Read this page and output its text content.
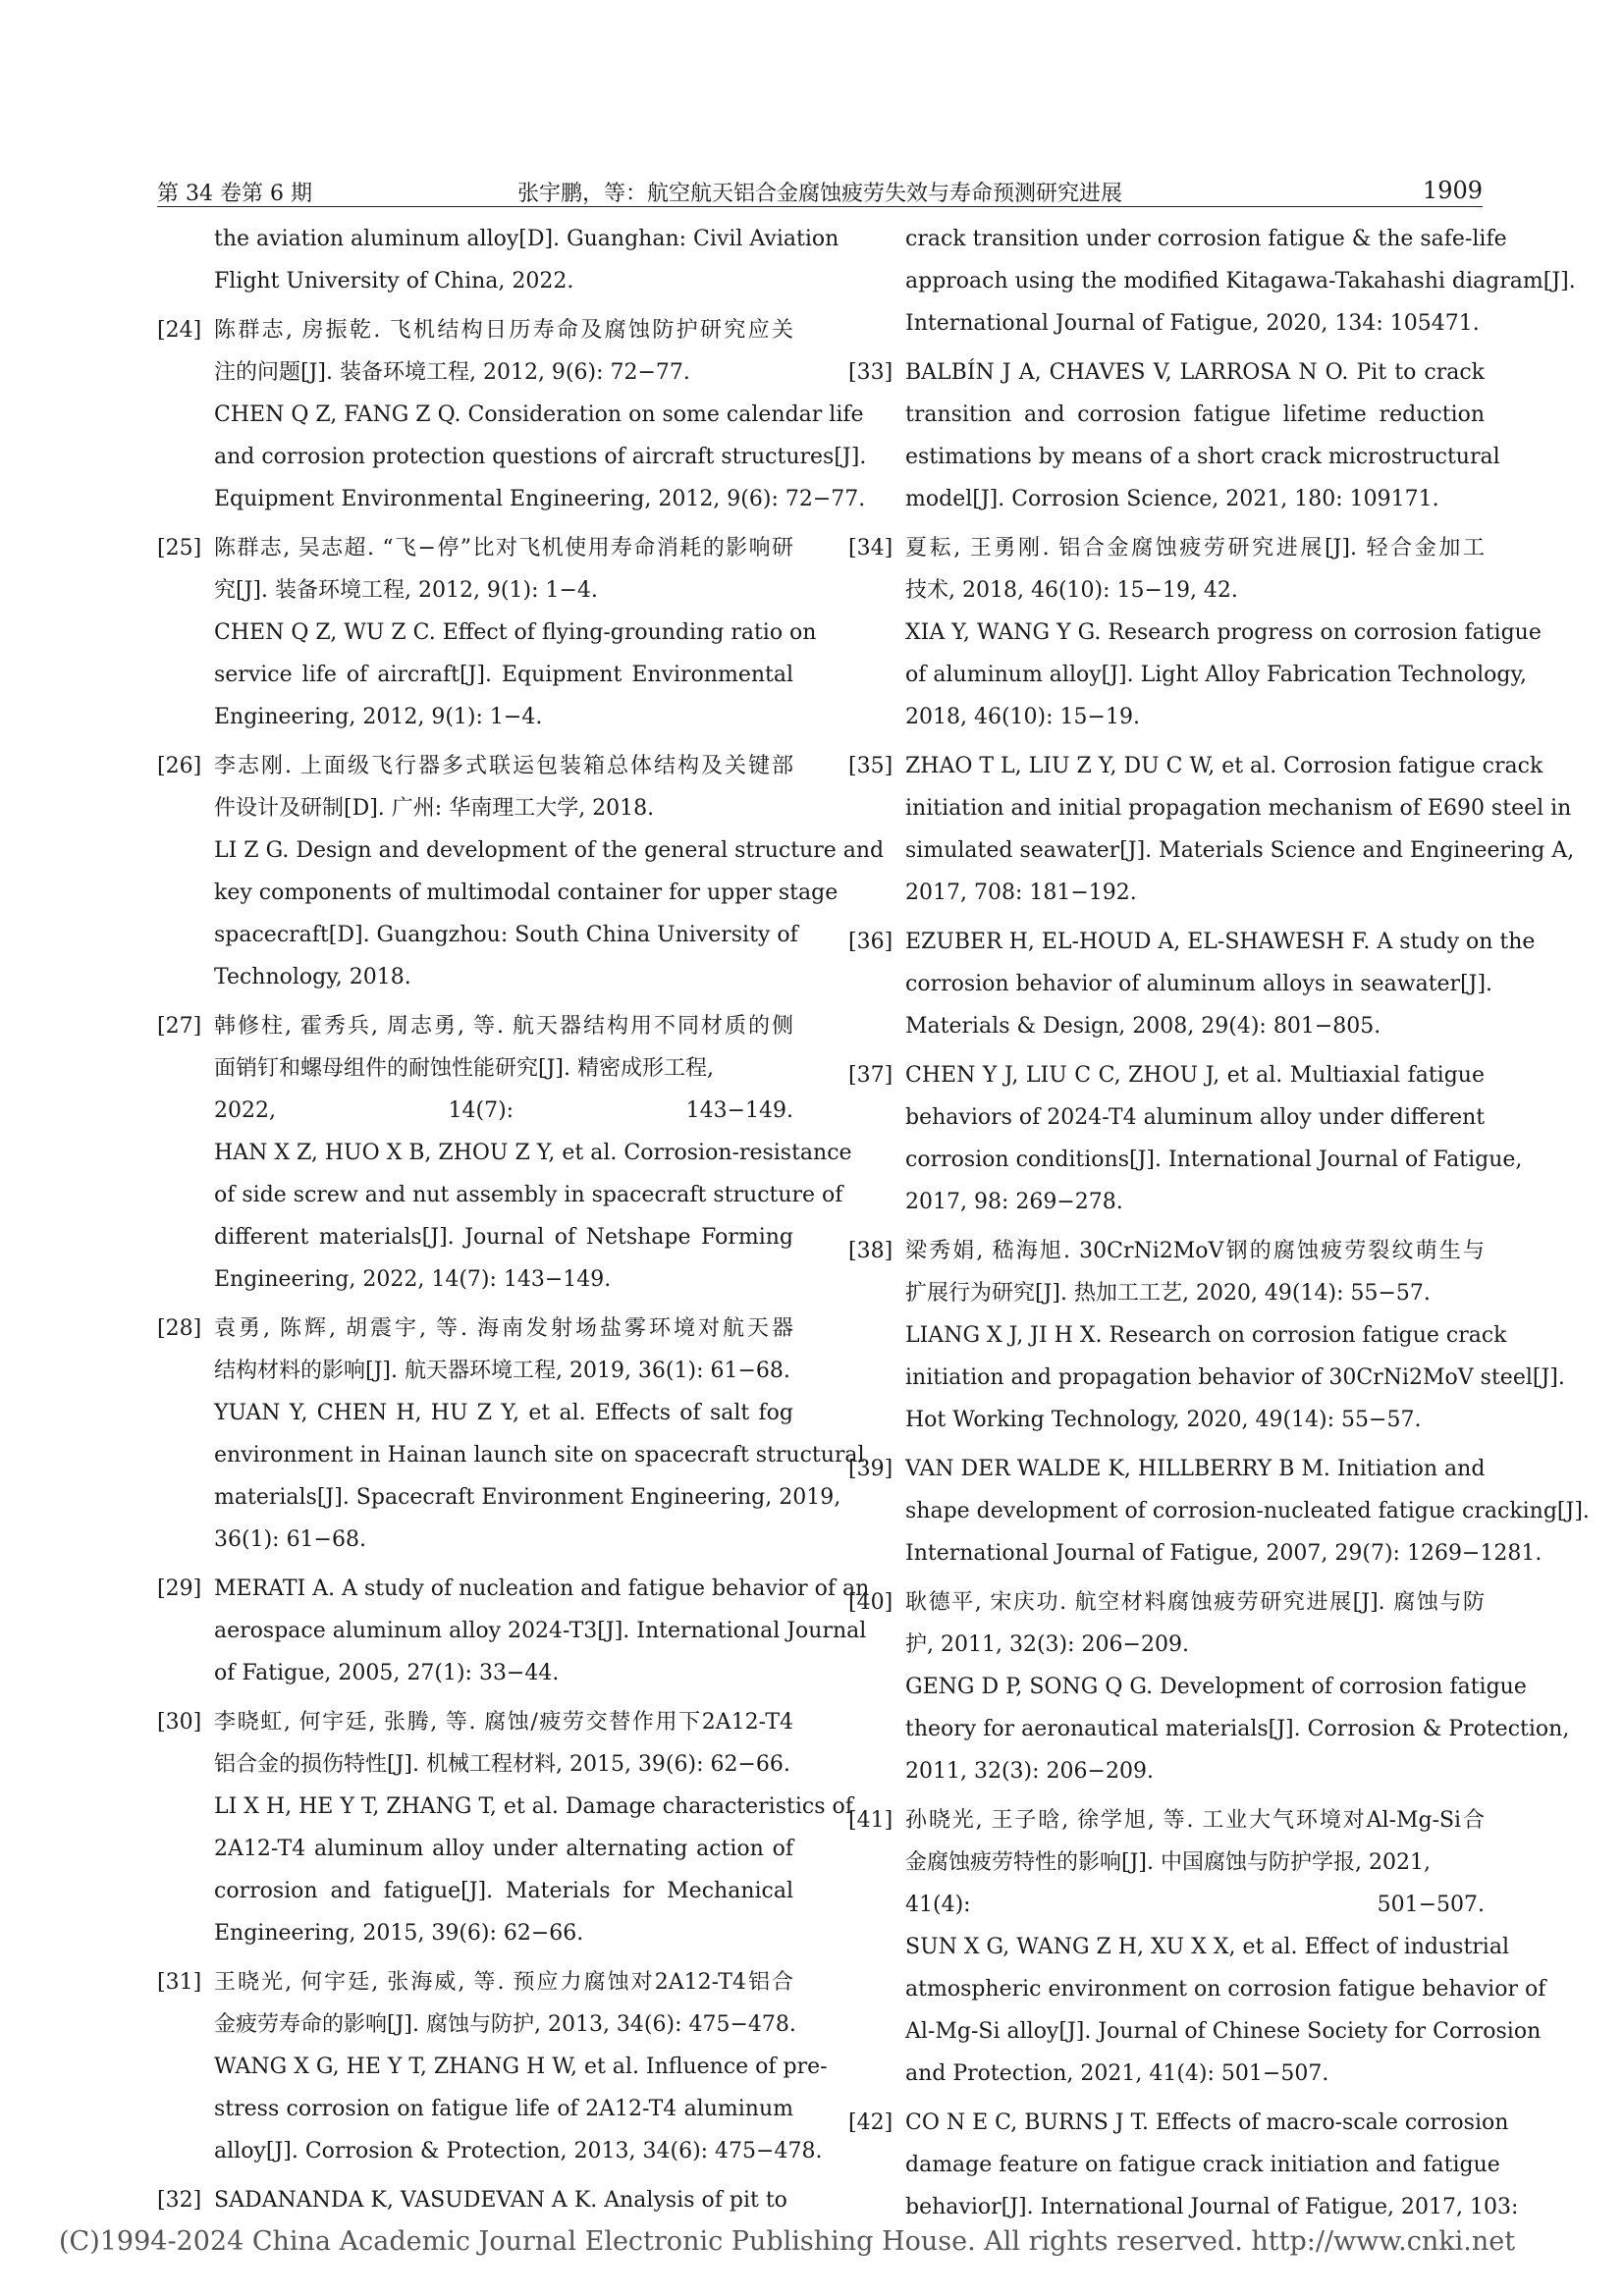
第 34 卷第 6 期	张宇鹏，等：航空航天铝合金腐蚀疲劳失效与寿命预测研究进展	1909
the aviation aluminum alloy[D]. Guanghan: Civil Aviation
Flight University of China, 2022.
[24] 陈群志, 房振乾. 飞机结构日历寿命及腐蚀防护研究应关
注的问题[J]. 装备环境工程, 2012, 9(6): 72−77.
CHEN Q Z, FANG Z Q. Consideration on some calendar life
and corrosion protection questions of aircraft structures[J].
Equipment Environmental Engineering, 2012, 9(6): 72−77.
[25] 陈群志, 吴志超. “飞−停”比对飞机使用寿命消耗的影响研
究[J]. 装备环境工程, 2012, 9(1): 1−4.
CHEN Q Z, WU Z C. Effect of flying-grounding ratio on
service life of aircraft[J]. Equipment Environmental
Engineering, 2012, 9(1): 1−4.
[26] 李志刚. 上面级飞行器多式联运包装箱总体结构及关键部
件设计及研制[D]. 广州: 华南理工大学, 2018.
LI Z G. Design and development of the general structure and
key components of multimodal container for upper stage
spacecraft[D]. Guangzhou: South China University of
Technology, 2018.
[27] 韩修柱, 霍秀兵, 周志勇, 等. 航天器结构用不同材质的侧
面销钉和螺母组件的耐蚀性能研究[J]. 精密成形工程,
2022, 14(7): 143−149.
HAN X Z, HUO X B, ZHOU Z Y, et al. Corrosion-resistance
of side screw and nut assembly in spacecraft structure of
different materials[J]. Journal of Netshape Forming
Engineering, 2022, 14(7): 143−149.
[28] 袁勇, 陈辉, 胡震宇, 等. 海南发射场盐雾环境对航天器
结构材料的影响[J]. 航天器环境工程, 2019, 36(1): 61−68.
YUAN Y, CHEN H, HU Z Y, et al. Effects of salt fog
environment in Hainan launch site on spacecraft structural
materials[J]. Spacecraft Environment Engineering, 2019,
36(1): 61−68.
[29] MERATI A. A study of nucleation and fatigue behavior of an
aerospace aluminum alloy 2024-T3[J]. International Journal
of Fatigue, 2005, 27(1): 33−44.
[30] 李晓虹, 何宇廷, 张腾, 等. 腐蚀/疲劳交替作用下2A12-T4
铝合金的损伤特性[J]. 机械工程材料, 2015, 39(6): 62−66.
LI X H, HE Y T, ZHANG T, et al. Damage characteristics of
2A12-T4 aluminum alloy under alternating action of
corrosion and fatigue[J]. Materials for Mechanical
Engineering, 2015, 39(6): 62−66.
[31] 王晓光, 何宇廷, 张海威, 等. 预应力腐蚀对2A12-T4铝合
金疲劳寿命的影响[J]. 腐蚀与防护, 2013, 34(6): 475−478.
WANG X G, HE Y T, ZHANG H W, et al. Influence of pre-
stress corrosion on fatigue life of 2A12-T4 aluminum
alloy[J]. Corrosion & Protection, 2013, 34(6): 475−478.
[32] SADANANDA K, VASUDEVAN A K. Analysis of pit to
crack transition under corrosion fatigue & the safe-life
approach using the modified Kitagawa-Takahashi diagram[J].
International Journal of Fatigue, 2020, 134: 105471.
[33] BALBÍN J A, CHAVES V, LARROSA N O. Pit to crack
transition and corrosion fatigue lifetime reduction
estimations by means of a short crack microstructural
model[J]. Corrosion Science, 2021, 180: 109171.
[34] 夏耘, 王勇刚. 铝合金腐蚀疲劳研究进展[J]. 轻合金加工
技术, 2018, 46(10): 15−19, 42.
XIA Y, WANG Y G. Research progress on corrosion fatigue
of aluminum alloy[J]. Light Alloy Fabrication Technology,
2018, 46(10): 15−19.
[35] ZHAO T L, LIU Z Y, DU C W, et al. Corrosion fatigue crack
initiation and initial propagation mechanism of E690 steel in
simulated seawater[J]. Materials Science and Engineering A,
2017, 708: 181−192.
[36] EZUBER H, EL-HOUD A, EL-SHAWESH F. A study on the
corrosion behavior of aluminum alloys in seawater[J].
Materials & Design, 2008, 29(4): 801−805.
[37] CHEN Y J, LIU C C, ZHOU J, et al. Multiaxial fatigue
behaviors of 2024-T4 aluminum alloy under different
corrosion conditions[J]. International Journal of Fatigue,
2017, 98: 269−278.
[38] 梁秀娟, 嵇海旭. 30CrNi2MoV钢的腐蚀疲劳裂纹萌生与
扩展行为研究[J]. 热加工工艺, 2020, 49(14): 55−57.
LIANG X J, JI H X. Research on corrosion fatigue crack
initiation and propagation behavior of 30CrNi2MoV steel[J].
Hot Working Technology, 2020, 49(14): 55−57.
[39] VAN DER WALDE K, HILLBERRY B M. Initiation and
shape development of corrosion-nucleated fatigue cracking[J].
International Journal of Fatigue, 2007, 29(7): 1269−1281.
[40] 耿德平, 宋庆功. 航空材料腐蚀疲劳研究进展[J]. 腐蚀与防
护, 2011, 32(3): 206−209.
GENG D P, SONG Q G. Development of corrosion fatigue
theory for aeronautical materials[J]. Corrosion & Protection,
2011, 32(3): 206−209.
[41] 孙晓光, 王子晗, 徐学旭, 等. 工业大气环境对Al-Mg-Si合
金腐蚀疲劳特性的影响[J]. 中国腐蚀与防护学报, 2021,
41(4): 501−507.
SUN X G, WANG Z H, XU X X, et al. Effect of industrial
atmospheric environment on corrosion fatigue behavior of
Al-Mg-Si alloy[J]. Journal of Chinese Society for Corrosion
and Protection, 2021, 41(4): 501−507.
[42] CO N E C, BURNS J T. Effects of macro-scale corrosion
damage feature on fatigue crack initiation and fatigue
behavior[J]. International Journal of Fatigue, 2017, 103:
(C)1994-2024 China Academic Journal Electronic Publishing House. All rights reserved. http://www.cnki.net
